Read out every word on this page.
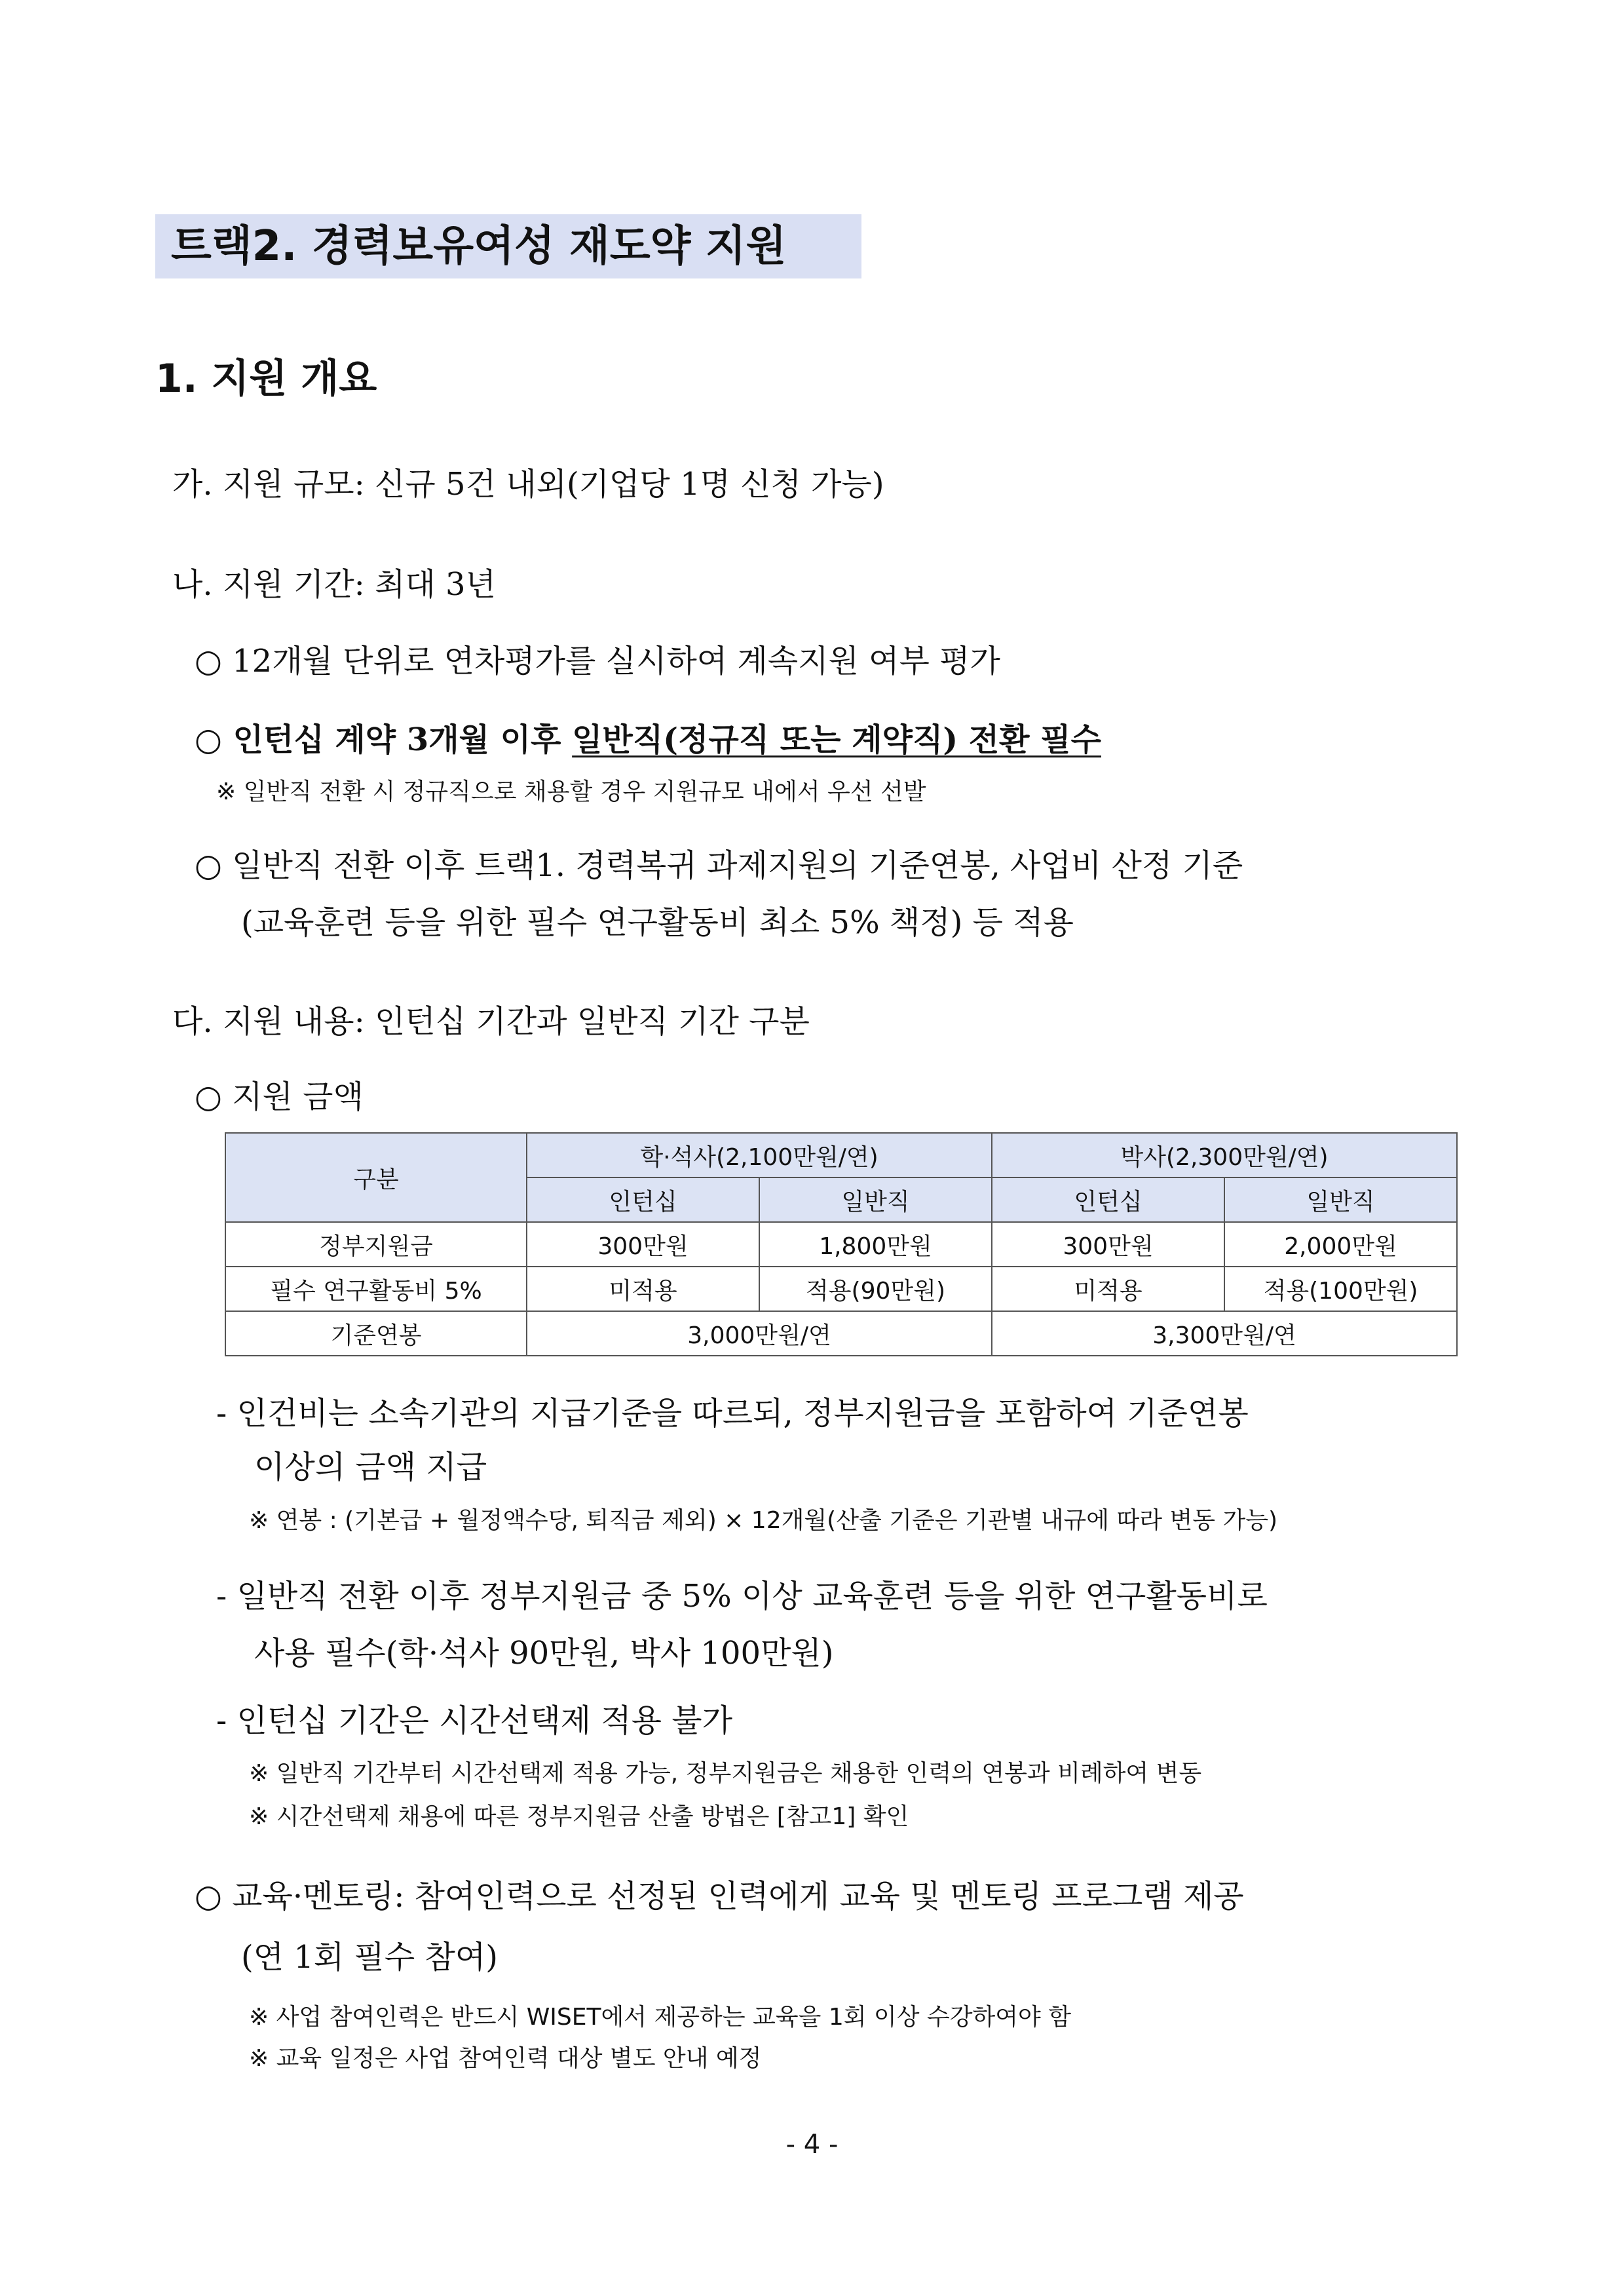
트랙2. 경력보유여성 재도약 지원
1. 지원 개요
가. 지원 규모: 신규 5건 내외(기업당 1명 신청 가능)
나. 지원 기간: 최대 3년
○ 12개월 단위로 연차평가를 실시하여 계속지원 여부 평가
○ 인턴십 계약 3개월 이후 일반직(정규직 또는 계약직) 전환 필수
※ 일반직 전환 시 정규직으로 채용할 경우 지원규모 내에서 우선 선발
○ 일반직 전환 이후 트랙1. 경력복귀 과제지원의 기준연봉, 사업비 산정 기준
(교육훈련 등을 위한 필수 연구활동비 최소 5% 책정) 등 적용
다. 지원 내용: 인턴십 기간과 일반직 기간 구분
○ 지원 금액
구분	학·석사(2,100만원/연)		박사(2,300만원/연)	
	인턴십	일반직	인턴십	일반직
정부지원금	300만원	1,800만원	300만원	2,000만원
필수 연구활동비 5%	미적용	적용(90만원)	미적용	적용(100만원)
기준연봉	3,000만원/연		3,300만원/연	
- 인건비는 소속기관의 지급기준을 따르되, 정부지원금을 포함하여 기준연봉
이상의 금액 지급
※ 연봉 : (기본급 + 월정액수당, 퇴직금 제외) × 12개월(산출 기준은 기관별 내규에 따라 변동 가능)
- 일반직 전환 이후 정부지원금 중 5% 이상 교육훈련 등을 위한 연구활동비로
사용 필수(학·석사 90만원, 박사 100만원)
- 인턴십 기간은 시간선택제 적용 불가
※ 일반직 기간부터 시간선택제 적용 가능, 정부지원금은 채용한 인력의 연봉과 비례하여 변동
※ 시간선택제 채용에 따른 정부지원금 산출 방법은 [참고1] 확인
○ 교육·멘토링: 참여인력으로 선정된 인력에게 교육 및 멘토링 프로그램 제공
(연 1회 필수 참여)
※ 사업 참여인력은 반드시 WISET에서 제공하는 교육을 1회 이상 수강하여야 함
※ 교육 일정은 사업 참여인력 대상 별도 안내 예정
- 4 -
